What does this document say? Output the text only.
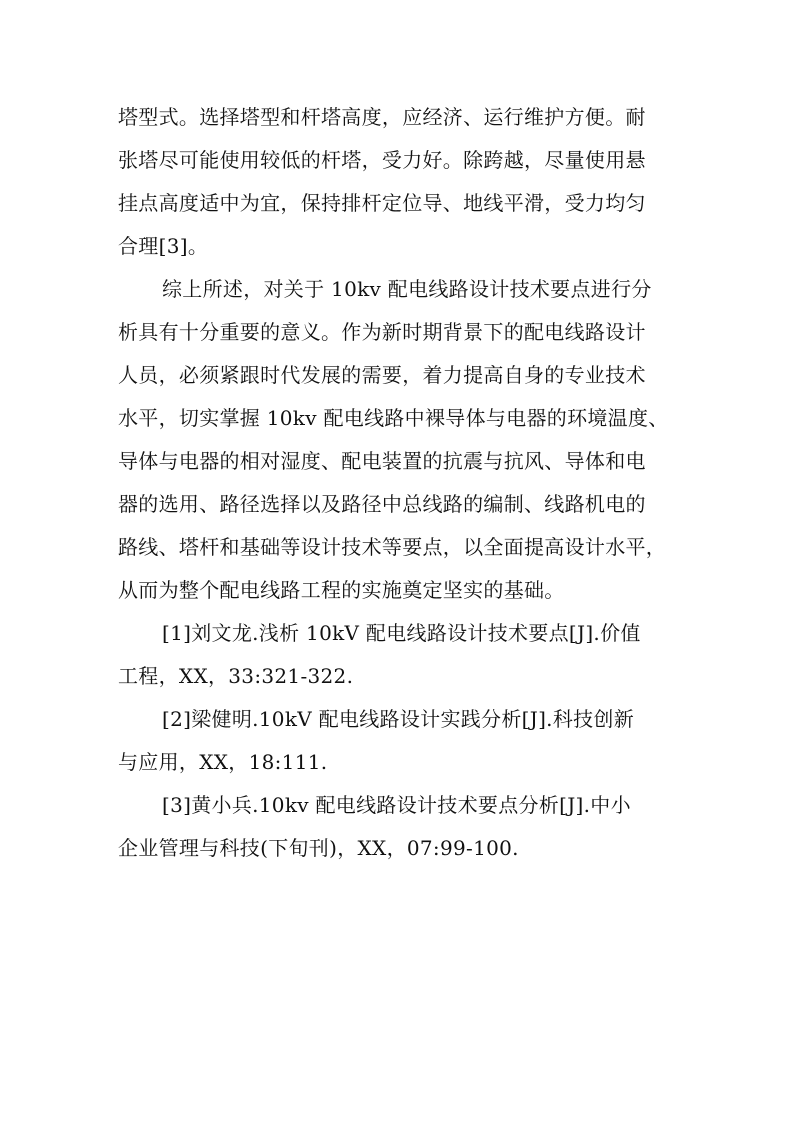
塔型式。选择塔型和杆塔高度，应经济、运行维护方便。耐
张塔尽可能使用较低的杆塔，受力好。除跨越，尽量使用悬
挂点高度适中为宜，保持排杆定位导、地线平滑，受力均匀
合理[3]。
综上所述，对关于 10kv 配电线路设计技术要点进行分
析具有十分重要的意义。作为新时期背景下的配电线路设计
人员，必须紧跟时代发展的需要，着力提高自身的专业技术
水平，切实掌握 10kv 配电线路中裸导体与电器的环境温度、
导体与电器的相对湿度、配电装置的抗震与抗风、导体和电
器的选用、路径选择以及路径中总线路的编制、线路机电的
路线、塔杆和基础等设计技术等要点，以全面提高设计水平，
从而为整个配电线路工程的实施奠定坚实的基础。
[1]刘文龙.浅析 10kV 配电线路设计技术要点[J].价值
工程，XX，33:321-322.
[2]梁健明.10kV 配电线路设计实践分析[J].科技创新
与应用，XX，18:111.
[3]黄小兵.10kv 配电线路设计技术要点分析[J].中小
企业管理与科技(下旬刊)，XX，07:99-100.
